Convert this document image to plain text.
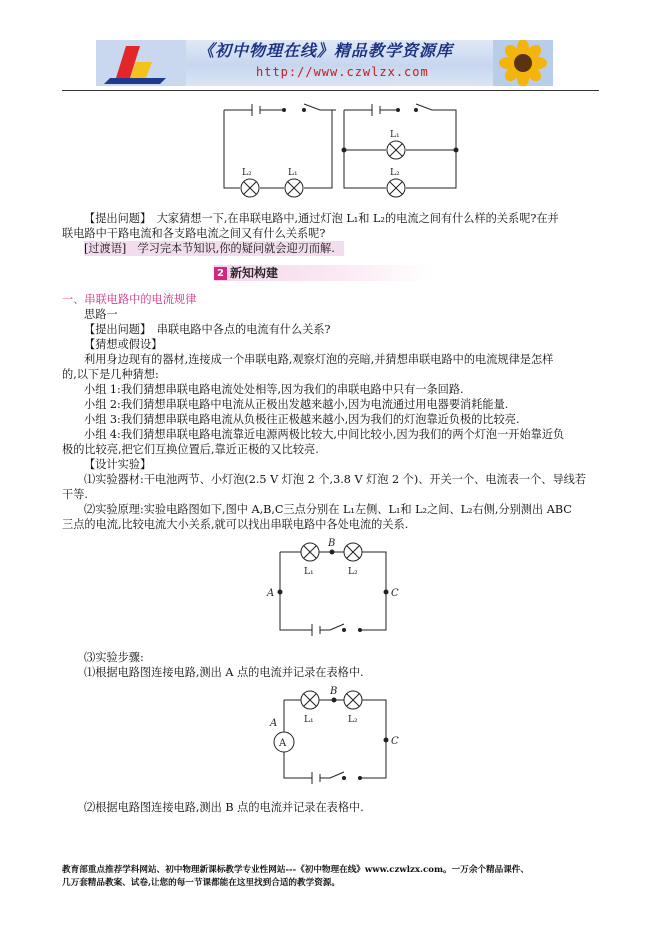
《初中物理在线》精品教学资源库
http://www.czwlzx.com
L₂	L₁
L₁
L₂
【提出问题】　大家猜想一下,在串联电路中,通过灯泡 L₁和 L₂的电流之间有什么样的关系呢?在并
联电路中干路电流和各支路电流之间又有什么关系呢?
[过渡语]　学习完本节知识,你的疑问就会迎刃而解.
2 新知构建
一、串联电路中的电流规律
思路一
【提出问题】　串联电路中各点的电流有什么关系?
【猜想或假设】
利用身边现有的器材,连接成一个串联电路,观察灯泡的亮暗,并猜想串联电路中的电流规律是怎样
的,以下是几种猜想:
小组 1:我们猜想串联电路电流处处相等,因为我们的串联电路中只有一条回路.
小组 2:我们猜想串联电路中电流从正极出发越来越小,因为电流通过用电器要消耗能量.
小组 3:我们猜想串联电路电流从负极往正极越来越小,因为我们的灯泡靠近负极的比较亮.
小组 4:我们猜想串联电路电流靠近电源两极比较大,中间比较小,因为我们的两个灯泡一开始靠近负
极的比较亮,把它们互换位置后,靠近正极的又比较亮.
【设计实验】
⑴实验器材:干电池两节、小灯泡(2.5 V 灯泡 2 个,3.8 V 灯泡 2 个)、开关一个、电流表一个、导线若
干等.
⑵实验原理:实验电路图如下,图中 A,B,C三点分别在 L₁左侧、L₁和 L₂之间、L₂右侧,分别测出 ABC
三点的电流,比较电流大小关系,就可以找出串联电路中各处电流的关系.
L₁	L₂
B
A	C
⑶实验步骤:
⑴根据电路图连接电路,测出 A 点的电流并记录在表格中.
A
L₁	L₂
B
A
C
⑵根据电路图连接电路,测出 B 点的电流并记录在表格中.
教育部重点推荐学科网站、初中物理新课标教学专业性网站---《初中物理在线》www.czwlzx.com。一万余个精品课件、
几万套精品教案、试卷,让您的每一节课都能在这里找到合适的教学资源。
